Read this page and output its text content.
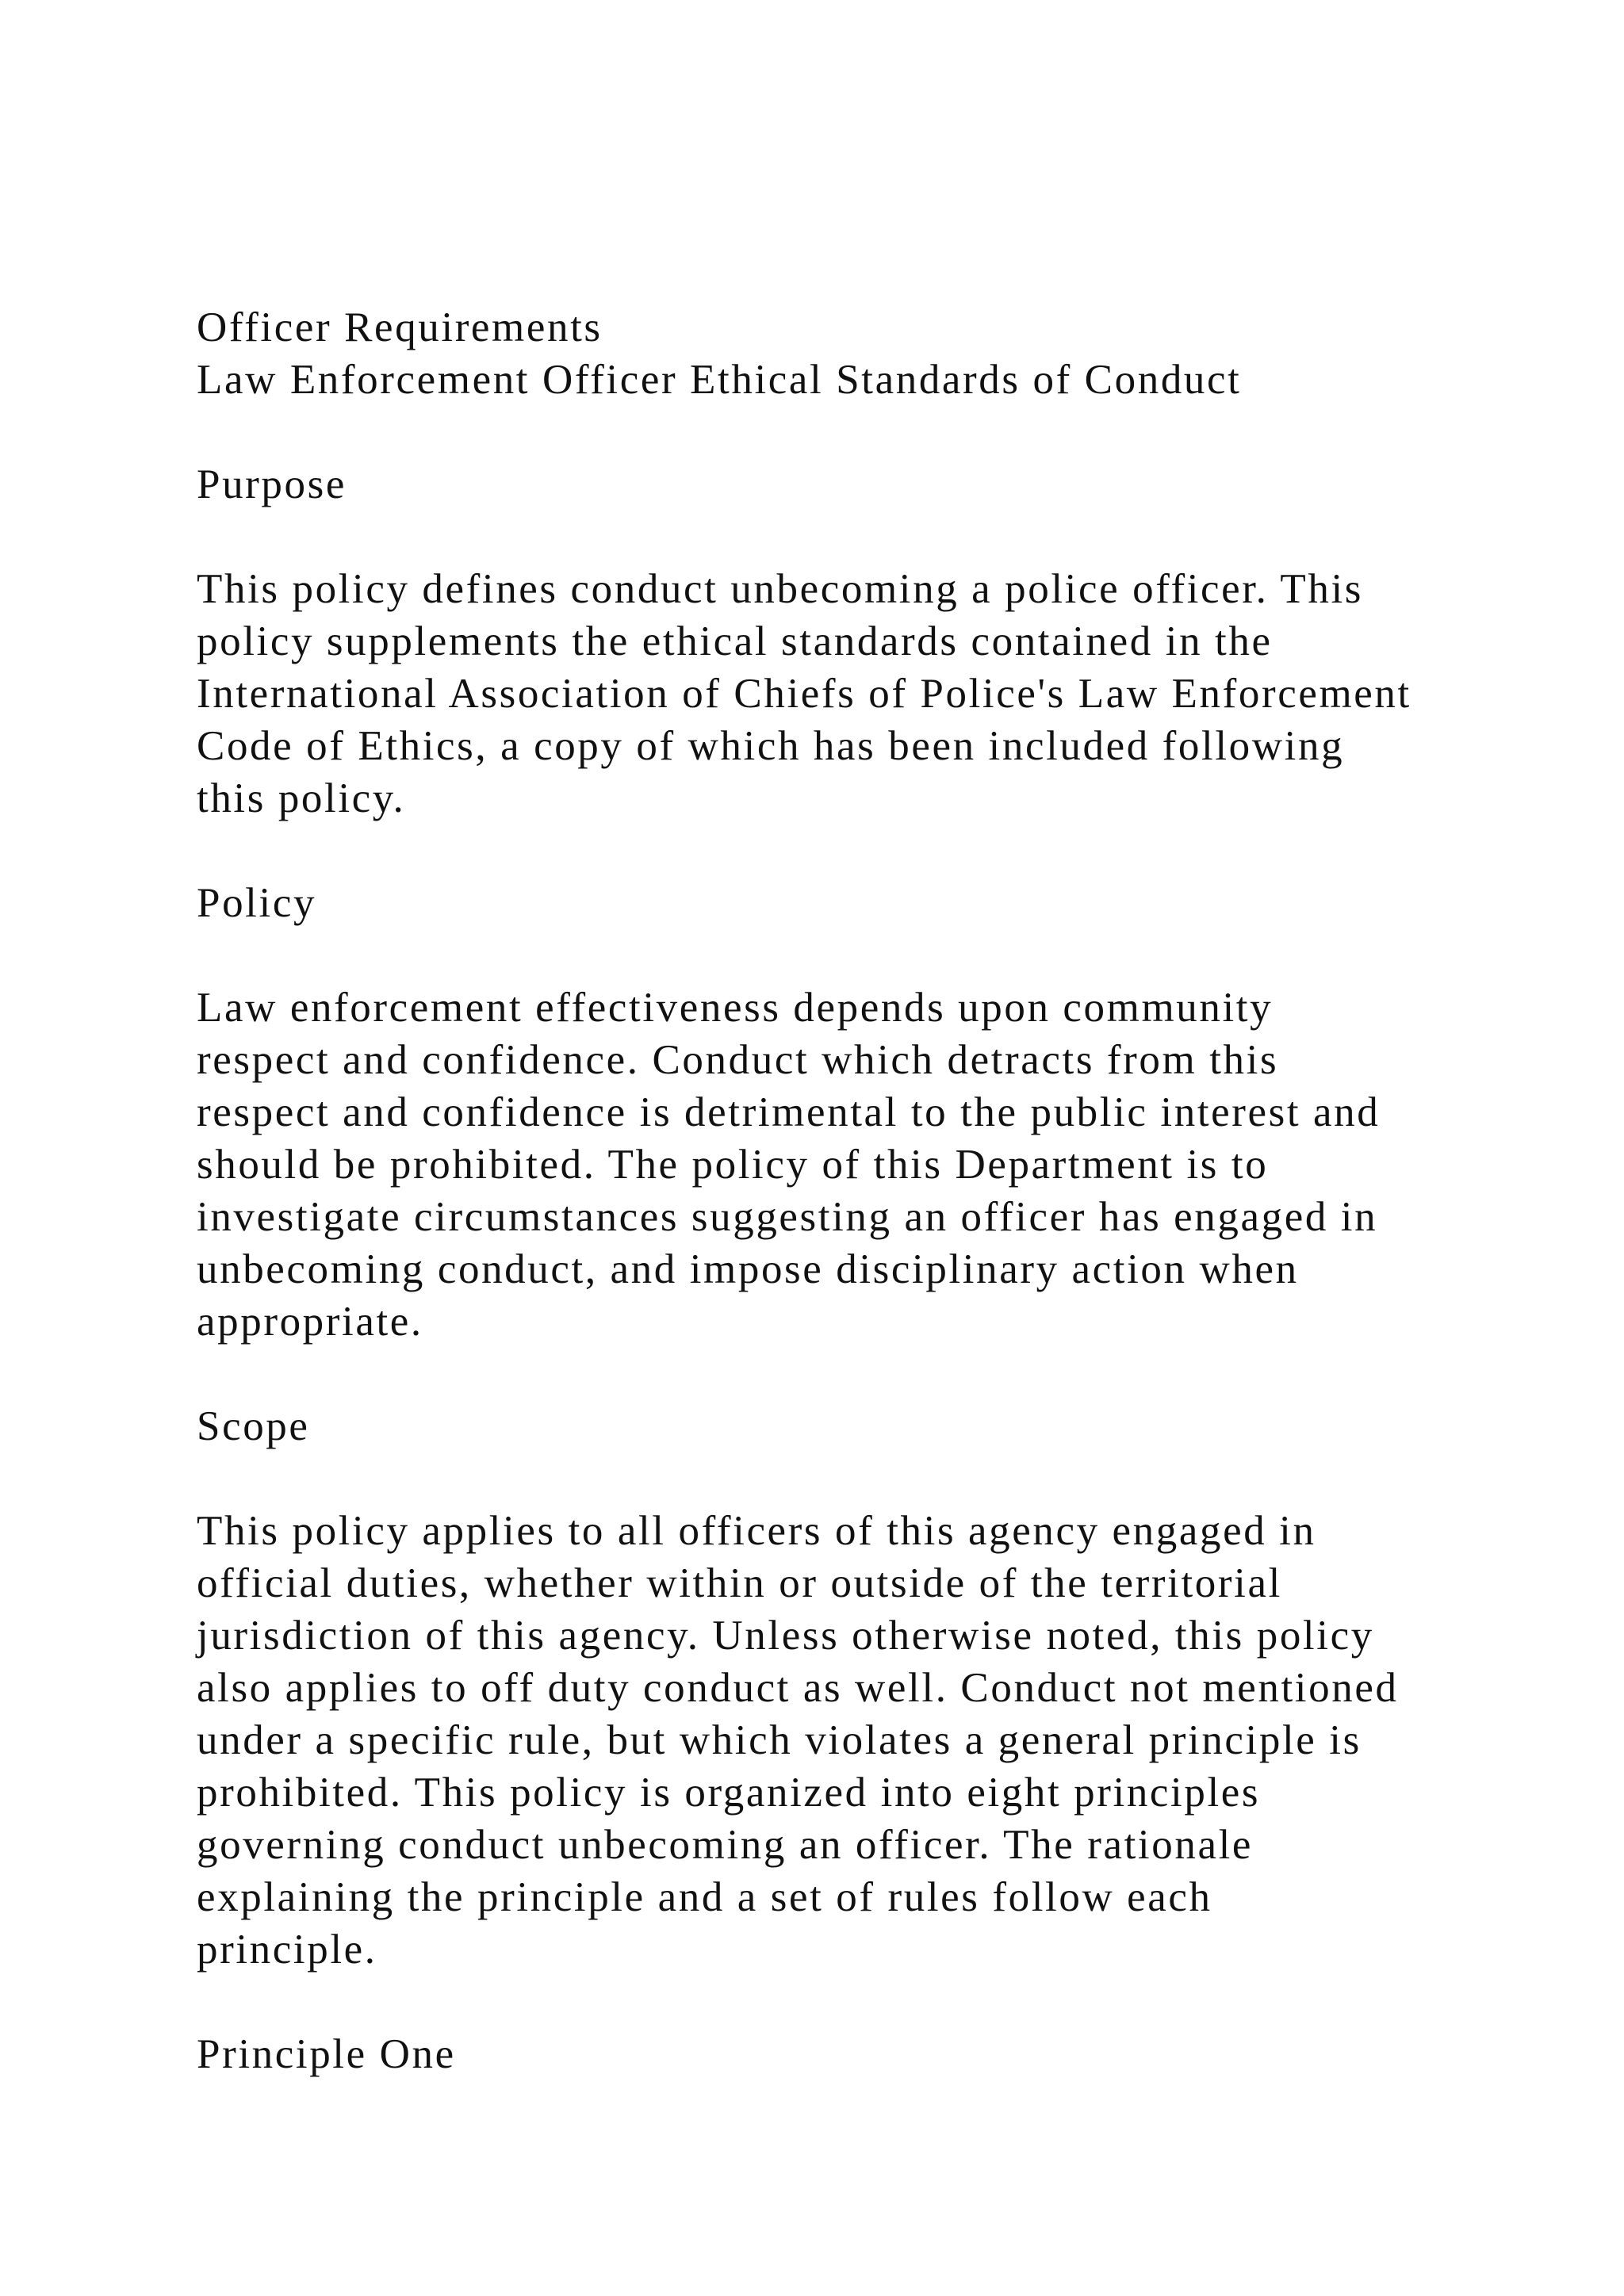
Officer Requirements
Law Enforcement Officer Ethical Standards of Conduct
Purpose
This policy defines conduct unbecoming a police officer. This
policy supplements the ethical standards contained in the
International Association of Chiefs of Police's Law Enforcement
Code of Ethics, a copy of which has been included following
this policy.
Policy
Law enforcement effectiveness depends upon community
respect and confidence. Conduct which detracts from this
respect and confidence is detrimental to the public interest and
should be prohibited. The policy of this Department is to
investigate circumstances suggesting an officer has engaged in
unbecoming conduct, and impose disciplinary action when
appropriate.
Scope
This policy applies to all officers of this agency engaged in
official duties, whether within or outside of the territorial
jurisdiction of this agency. Unless otherwise noted, this policy
also applies to off duty conduct as well. Conduct not mentioned
under a specific rule, but which violates a general principle is
prohibited. This policy is organized into eight principles
governing conduct unbecoming an officer. The rationale
explaining the principle and a set of rules follow each
principle.
Principle One
